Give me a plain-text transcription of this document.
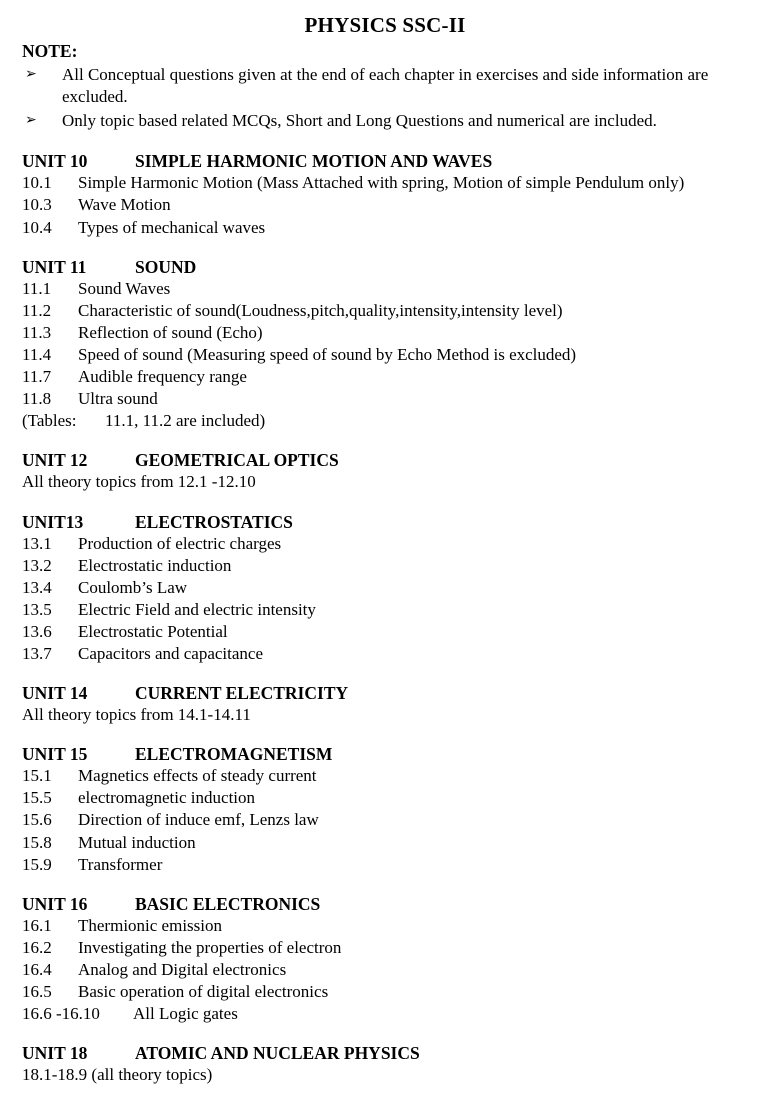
PHYSICS SSC-II
NOTE:
➢ All Conceptual questions given at the end of each chapter in exercises and side information are excluded.
➢ Only topic based related MCQs, Short and Long Questions and numerical are included.
UNIT 10	SIMPLE HARMONIC MOTION AND WAVES
10.1 Simple Harmonic Motion (Mass Attached with spring, Motion of simple Pendulum only)
10.3 Wave Motion
10.4 Types of mechanical waves
UNIT 11	SOUND
11.1 Sound Waves
11.2 Characteristic of sound(Loudness,pitch,quality,intensity,intensity level)
11.3 Reflection of sound (Echo)
11.4 Speed of sound (Measuring speed of sound by Echo Method is excluded)
11.7 Audible frequency range
11.8 Ultra sound
(Tables: 11.1, 11.2 are included)
UNIT 12	GEOMETRICAL OPTICS
All theory topics from 12.1 -12.10
UNIT13	ELECTROSTATICS
13.1 Production of electric charges
13.2 Electrostatic induction
13.4 Coulomb’s Law
13.5 Electric Field and electric intensity
13.6 Electrostatic Potential
13.7 Capacitors and capacitance
UNIT 14	CURRENT ELECTRICITY
All theory topics from 14.1-14.11
UNIT 15	ELECTROMAGNETISM
15.1 Magnetics effects of steady current
15.5 electromagnetic induction
15.6 Direction of induce emf, Lenzs law
15.8 Mutual induction
15.9 Transformer
UNIT 16	BASIC ELECTRONICS
16.1 Thermionic emission
16.2 Investigating the properties of electron
16.4 Analog and Digital electronics
16.5 Basic operation of digital electronics
16.6 -16.10 All Logic gates
UNIT 18	ATOMIC AND NUCLEAR PHYSICS
18.1-18.9 (all theory topics)
